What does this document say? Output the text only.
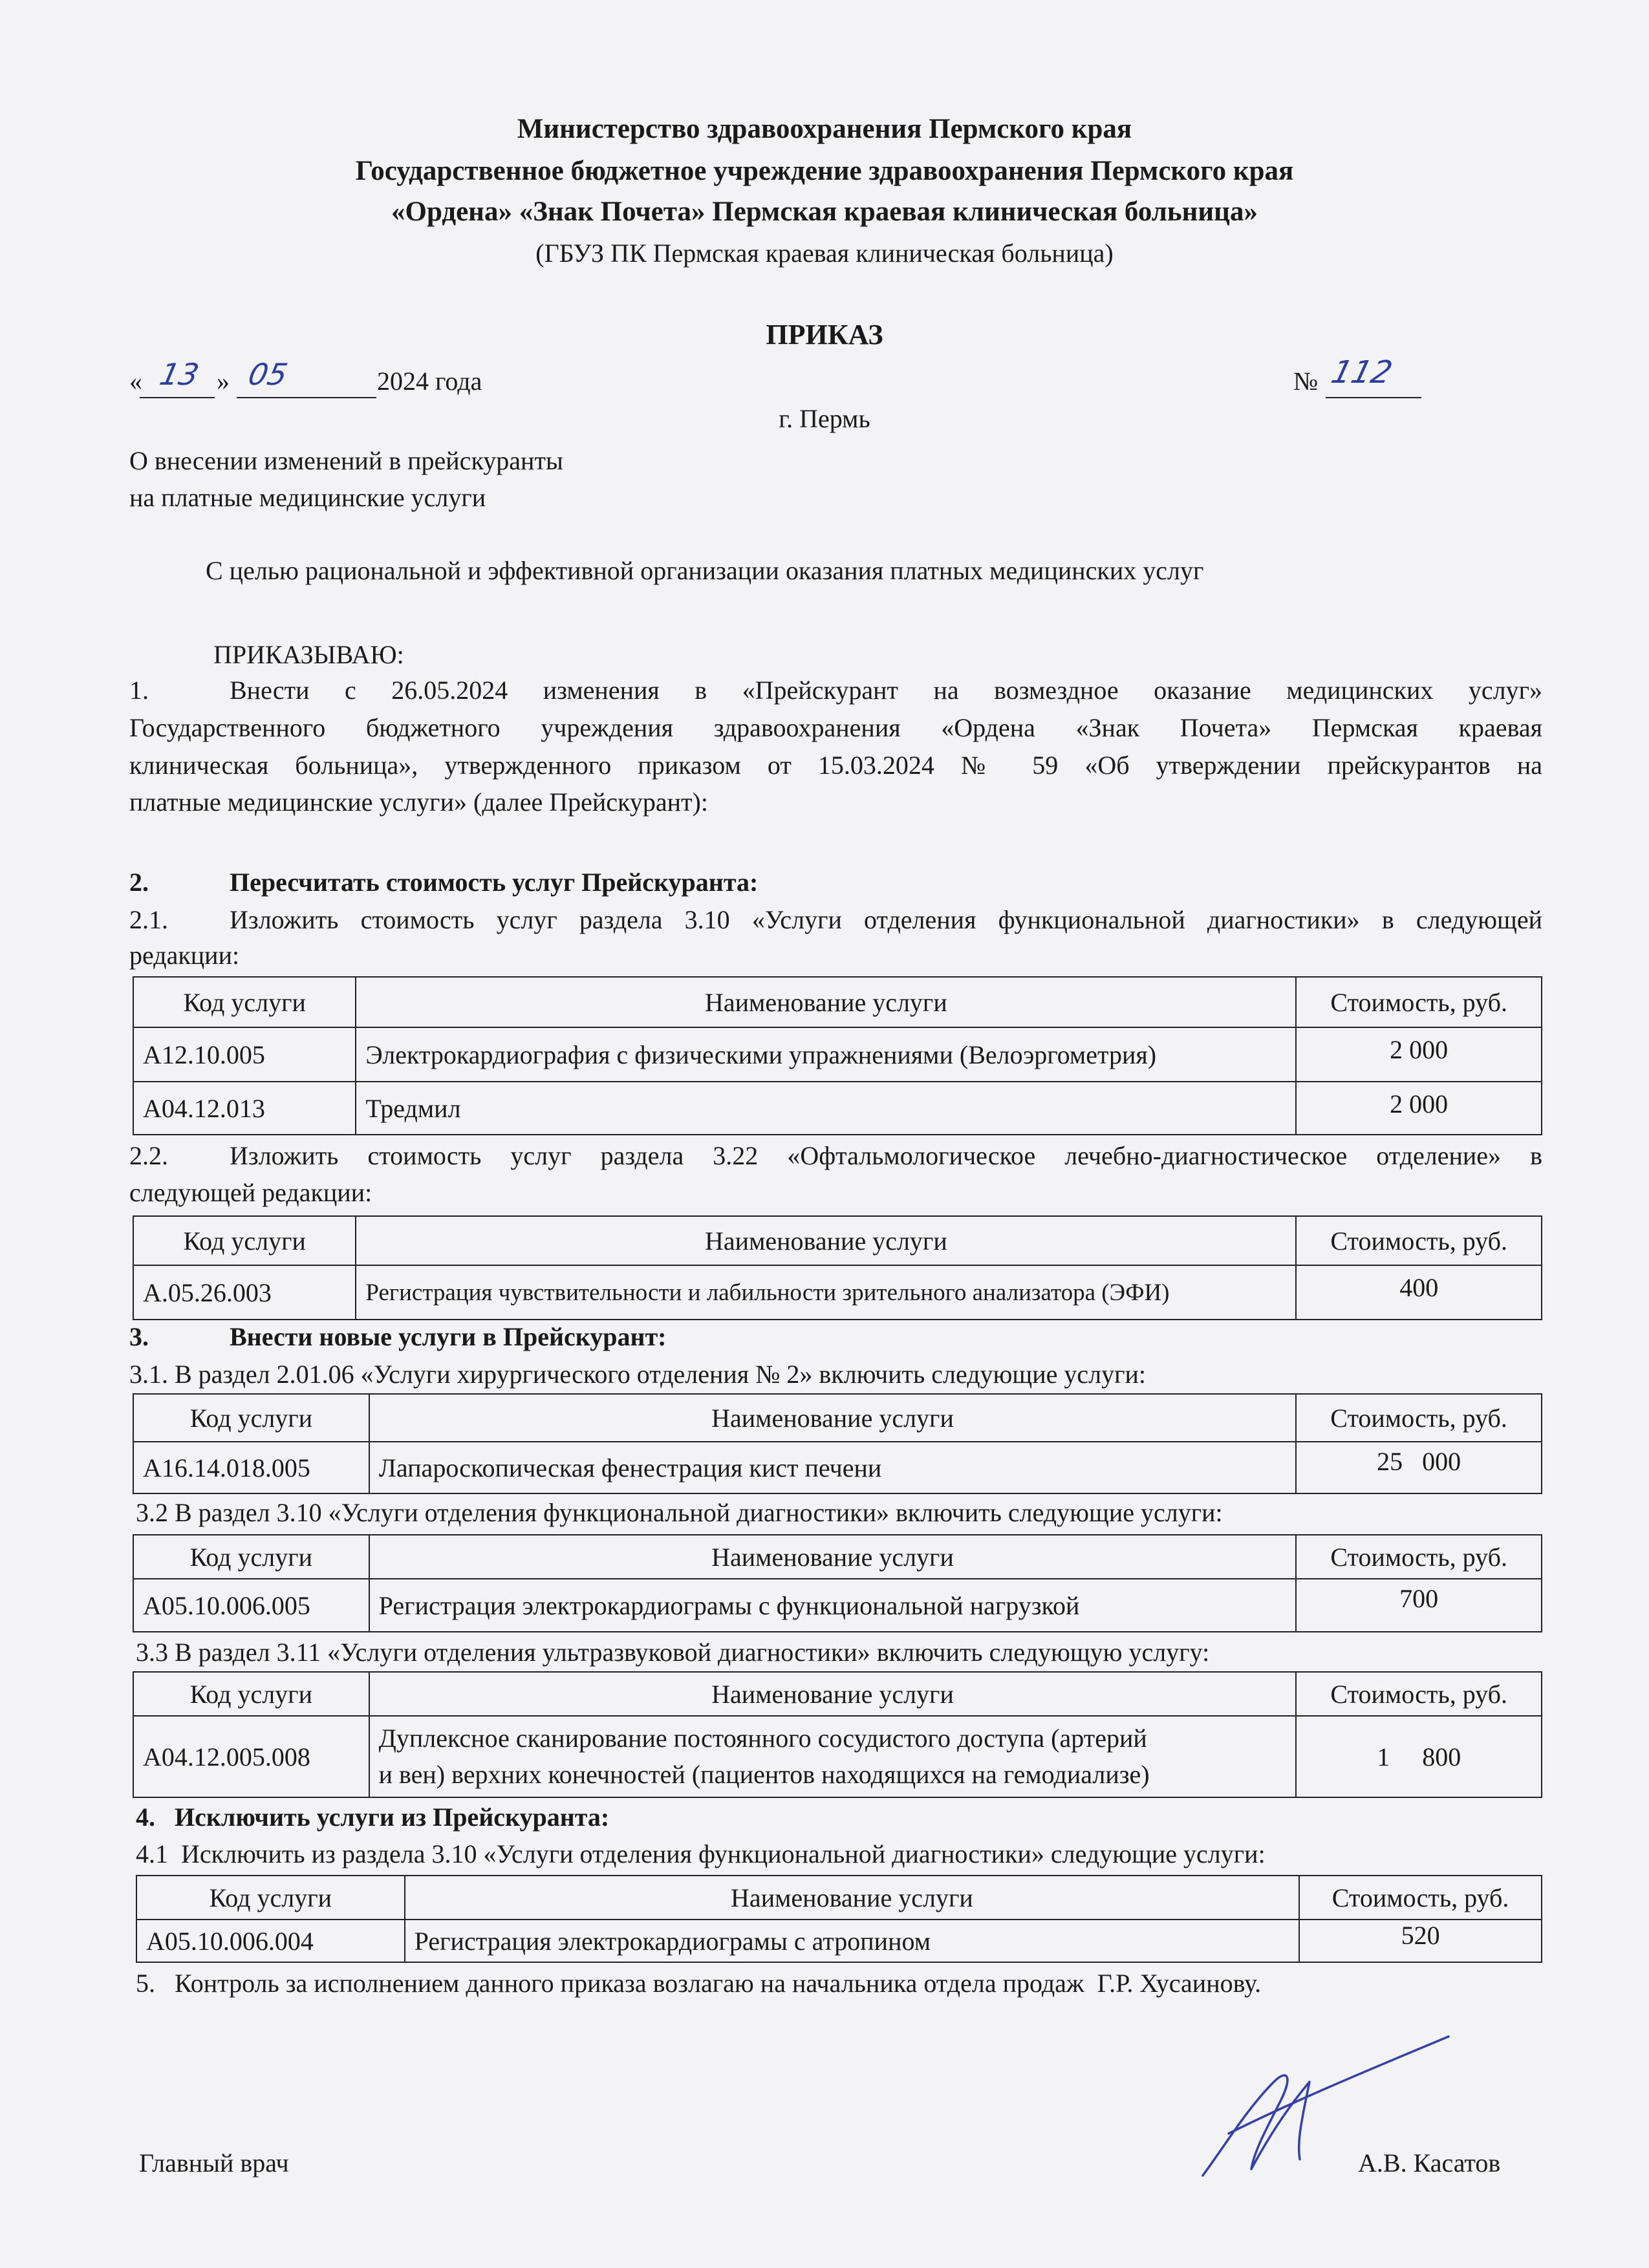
Министерство здравоохранения Пермского края
Государственное бюджетное учреждение здравоохранения Пермского края
«Ордена» «Знак Почета» Пермская краевая клиническая больница»
(ГБУЗ ПК Пермская краевая клиническая больница)
ПРИКАЗ
«	»	2024 года
13 05	№ 112
г. Пермь
О внесении изменений в прейскуранты
на платные медицинские услуги
С целью рациональной и эффективной организации оказания платных медицинских услуг
ПРИКАЗЫВАЮ:
1.	Внести с 26.05.2024 изменения в «Прейскурант на возмездное оказание медицинских услуг»
Государственного бюджетного учреждения здравоохранения «Ордена «Знак Почета» Пермская краевая
клиническая больница», утвержденного приказом от 15.03.2024 № 59 «Об утверждении прейскурантов на
платные медицинские услуги» (далее Прейскурант):
2.	Пересчитать стоимость услуг Прейскуранта:
2.1. Изложить стоимость услуг раздела 3.10 «Услуги отделения функциональной диагностики» в следующей
редакции:
Код услуги	Наименование услуги	Стоимость, руб.
A12.10.005	Электрокардиография с физическими упражнениями (Велоэргометрия)	2 000
A04.12.013	Тредмил	2 000
2.2. Изложить стоимость услуг раздела 3.22 «Офтальмологическое лечебно-диагностическое отделение» в
следующей редакции:
Код услуги	Наименование услуги	Стоимость, руб.
A.05.26.003	Регистрация чувствительности и лабильности зрительного анализатора (ЭФИ)	400
3.	Внести новые услуги в Прейскурант:
3.1. В раздел 2.01.06 «Услуги хирургического отделения № 2» включить следующие услуги:
Код услуги	Наименование услуги	Стоимость, руб.
A16.14.018.005	Лапароскопическая фенестрация кист печени	25   000
3.2 В раздел 3.10 «Услуги отделения функциональной диагностики» включить следующие услуги:
Код услуги	Наименование услуги	Стоимость, руб.
A05.10.006.005	Регистрация электрокардиограмы с функциональной нагрузкой	700
3.3 В раздел 3.11 «Услуги отделения ультразвуковой диагностики» включить следующую услугу:
Код услуги	Наименование услуги	Стоимость, руб.
A04.12.005.008	Дуплексное сканирование постоянного сосудистого доступа (артерий
и вен) верхних конечностей (пациентов находящихся на гемодиализе)	1     800
4.   Исключить услуги из Прейскуранта:
4.1  Исключить из раздела 3.10 «Услуги отделения функциональной диагностики» следующие услуги:
Код услуги	Наименование услуги	Стоимость, руб.
A05.10.006.004	Регистрация электрокардиограмы с атропином	520
5.   Контроль за исполнением данного приказа возлагаю на начальника отдела продаж  Г.Р. Хусаинову.
Главный врач	А.В. Касатов
